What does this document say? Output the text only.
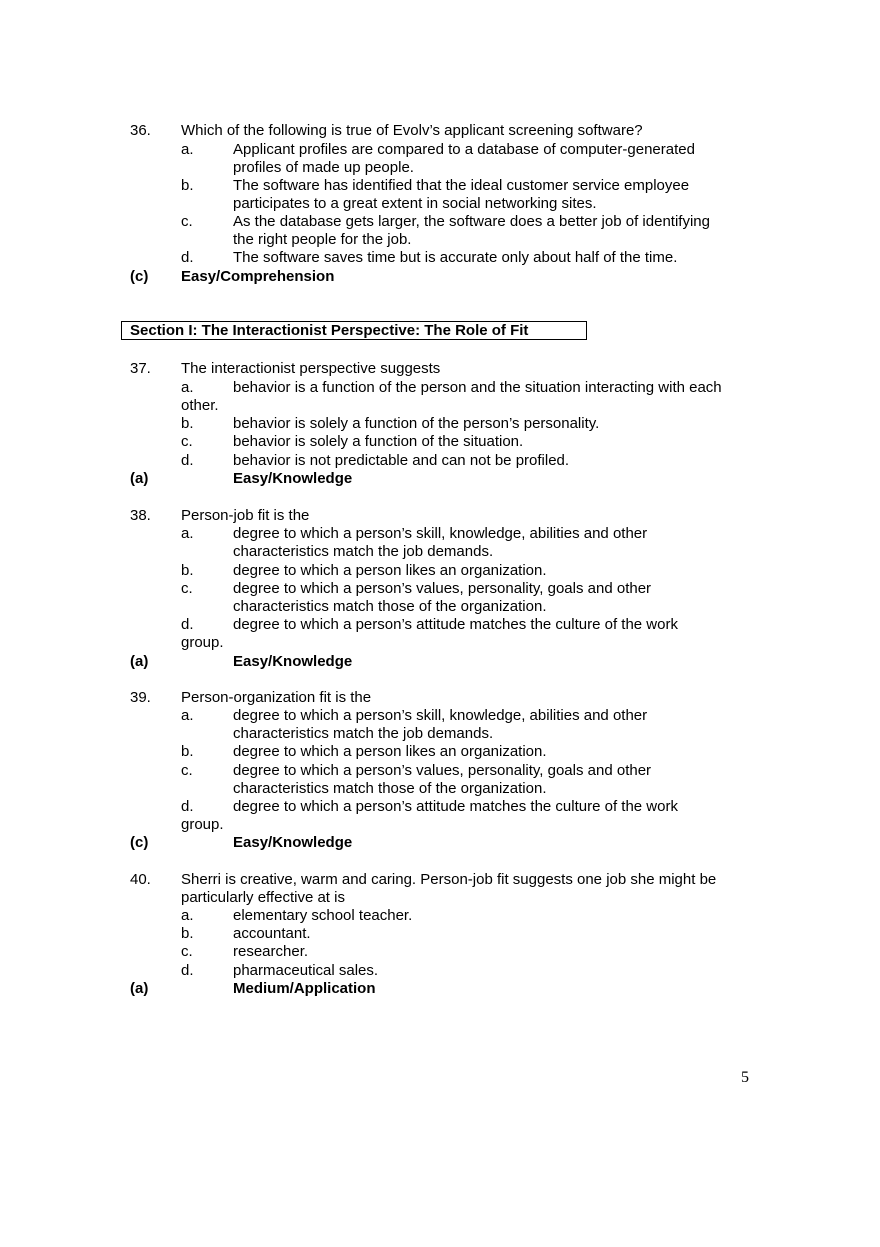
36. Which of the following is true of Evolv’s applicant screening software?
a.	Applicant profiles are compared to a database of computer-generated
profiles of made up people.
b.	The software has identified that the ideal customer service employee
participates to a great extent in social networking sites.
c.	As the database gets larger, the software does a better job of identifying
the right people for the job.
d.	The software saves time but is accurate only about half of the time.
(c) Easy/Comprehension
Section I: The Interactionist Perspective: The Role of Fit
37. The interactionist perspective suggests
a.	behavior is a function of the person and the situation interacting with each
other.
b.	behavior is solely a function of the person’s personality.
c.	behavior is solely a function of the situation.
d.	behavior is not predictable and can not be profiled.
(a)	Easy/Knowledge
38. Person-job fit is the
a.	degree to which a person’s skill, knowledge, abilities and other
characteristics match the job demands.
b.	degree to which a person likes an organization.
c.	degree to which a person’s values, personality, goals and other
characteristics match those of the organization.
d.	degree to which a person’s attitude matches the culture of the work
group.
(a)	Easy/Knowledge
39. Person-organization fit is the
a.	degree to which a person’s skill, knowledge, abilities and other
characteristics match the job demands.
b.	degree to which a person likes an organization.
c.	degree to which a person’s values, personality, goals and other
characteristics match those of the organization.
d.	degree to which a person’s attitude matches the culture of the work
group.
(c)	Easy/Knowledge
40. Sherri is creative, warm and caring. Person-job fit suggests one job she might be
particularly effective at is
a.	elementary school teacher.
b.	accountant.
c.	researcher.
d.	pharmaceutical sales.
(a)	Medium/Application
5
